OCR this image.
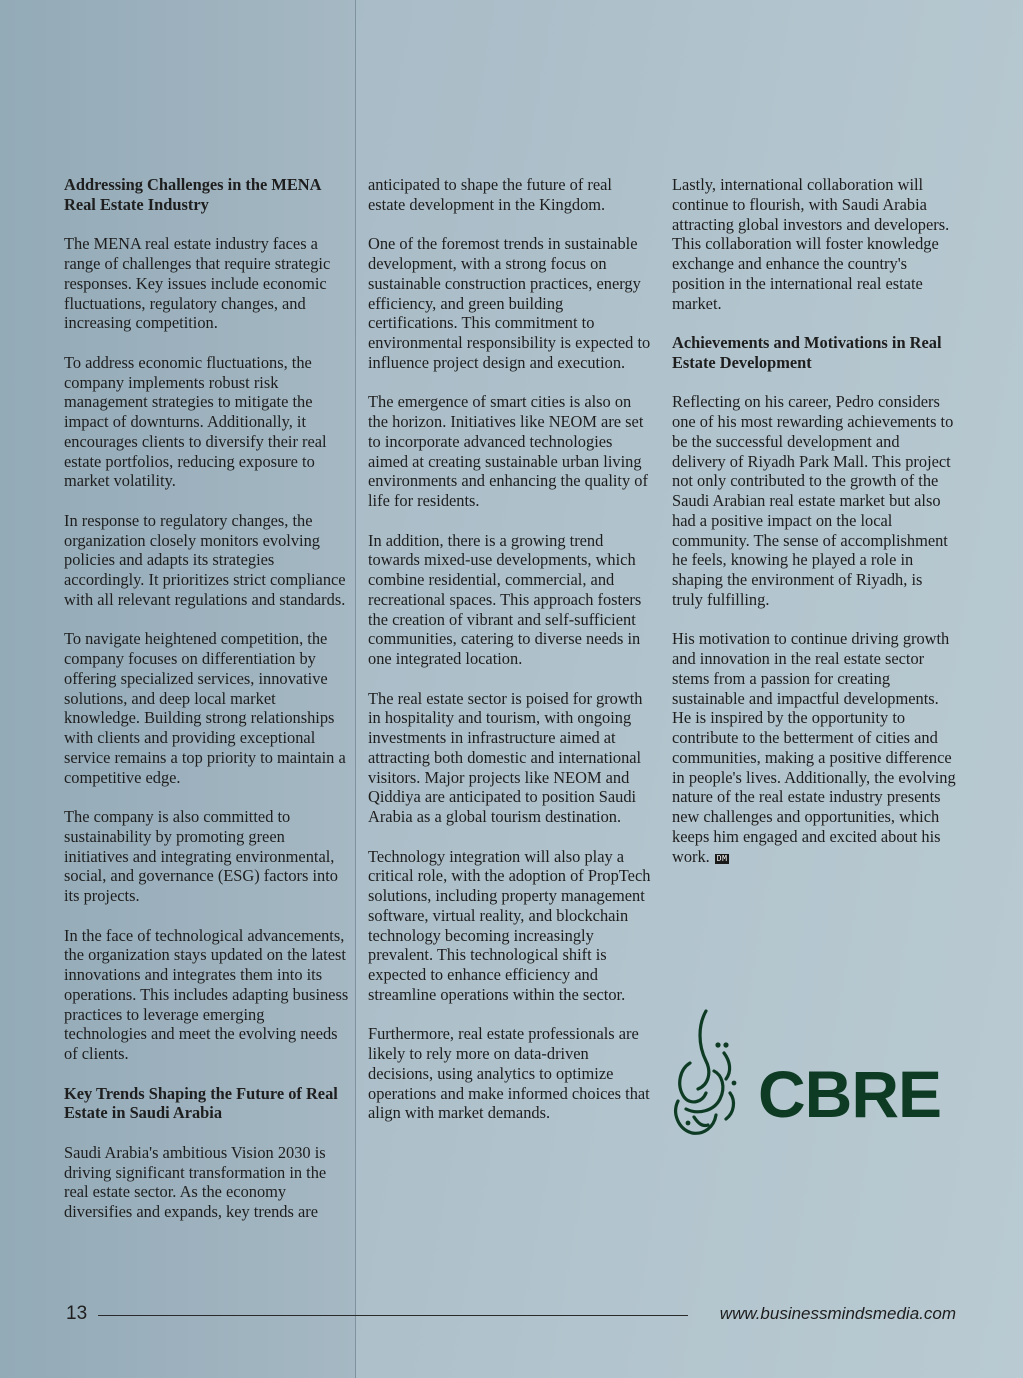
Addressing Challenges in the MENA Real Estate Industry

The MENA real estate industry faces a range of challenges that require strategic responses. Key issues include economic fluctuations, regulatory changes, and increasing competition.

To address economic fluctuations, the company implements robust risk management strategies to mitigate the impact of downturns. Additionally, it encourages clients to diversify their real estate portfolios, reducing exposure to market volatility.

In response to regulatory changes, the organization closely monitors evolving policies and adapts its strategies accordingly. It prioritizes strict compliance with all relevant regulations and standards.

To navigate heightened competition, the company focuses on differentiation by offering specialized services, innovative solutions, and deep local market knowledge. Building strong relationships with clients and providing exceptional service remains a top priority to maintain a competitive edge.

The company is also committed to sustainability by promoting green initiatives and integrating environmental, social, and governance (ESG) factors into its projects.

In the face of technological advancements, the organization stays updated on the latest innovations and integrates them into its operations. This includes adapting business practices to leverage emerging technologies and meet the evolving needs of clients.

Key Trends Shaping the Future of Real Estate in Saudi Arabia

Saudi Arabia's ambitious Vision 2030 is driving significant transformation in the real estate sector. As the economy diversifies and expands, key trends are

anticipated to shape the future of real estate development in the Kingdom.

One of the foremost trends in sustainable development, with a strong focus on sustainable construction practices, energy efficiency, and green building certifications. This commitment to environmental responsibility is expected to influence project design and execution.

The emergence of smart cities is also on the horizon. Initiatives like NEOM are set to incorporate advanced technologies aimed at creating sustainable urban living environments and enhancing the quality of life for residents.

In addition, there is a growing trend towards mixed-use developments, which combine residential, commercial, and recreational spaces. This approach fosters the creation of vibrant and self-sufficient communities, catering to diverse needs in one integrated location.

The real estate sector is poised for growth in hospitality and tourism, with ongoing investments in infrastructure aimed at attracting both domestic and international visitors. Major projects like NEOM and Qiddiya are anticipated to position Saudi Arabia as a global tourism destination.

Technology integration will also play a critical role, with the adoption of PropTech solutions, including property management software, virtual reality, and blockchain technology becoming increasingly prevalent. This technological shift is expected to enhance efficiency and streamline operations within the sector.

Furthermore, real estate professionals are likely to rely more on data-driven decisions, using analytics to optimize operations and make informed choices that align with market demands.

Lastly, international collaboration will continue to flourish, with Saudi Arabia attracting global investors and developers. This collaboration will foster knowledge exchange and enhance the country's position in the international real estate market.

Achievements and Motivations in Real Estate Development

Reflecting on his career, Pedro considers one of his most rewarding achievements to be the successful development and delivery of Riyadh Park Mall. This project not only contributed to the growth of the Saudi Arabian real estate market but also had a positive impact on the local community. The sense of accomplishment he feels, knowing he played a role in shaping the environment of Riyadh, is truly fulfilling.

His motivation to continue driving growth and innovation in the real estate sector stems from a passion for creating sustainable and impactful developments. He is inspired by the opportunity to contribute to the betterment of cities and communities, making a positive difference in people's lives. Additionally, the evolving nature of the real estate industry presents new challenges and opportunities, which keeps him engaged and excited about his work. DM

CBRE
13	www.businessmindsmedia.com
